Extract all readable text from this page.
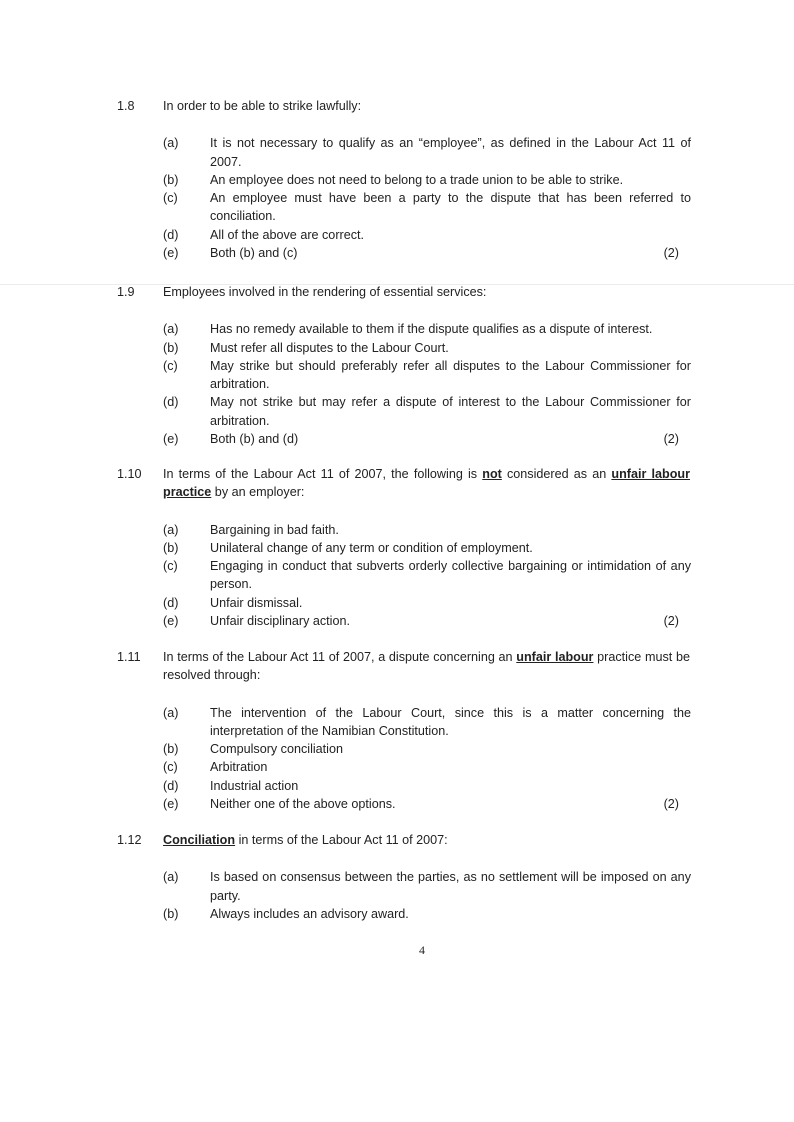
1.8 In order to be able to strike lawfully:
(a)	It is not necessary to qualify as an “employee”, as defined in the Labour Act 11 of 2007.
(b)	An employee does not need to belong to a trade union to be able to strike.
(c)	An employee must have been a party to the dispute that has been referred to conciliation.
(d)	All of the above are correct.
(e)	Both (b) and (c)	(2)
1.9 Employees involved in the rendering of essential services:
(a)	Has no remedy available to them if the dispute qualifies as a dispute of interest.
(b)	Must refer all disputes to the Labour Court.
(c)	May strike but should preferably refer all disputes to the Labour Commissioner for arbitration.
(d)	May not strike but may refer a dispute of interest to the Labour Commissioner for arbitration.
(e)	Both (b) and (d)	(2)
1.10 In terms of the Labour Act 11 of 2007, the following is not considered as an unfair labour practice by an employer:
(a)	Bargaining in bad faith.
(b)	Unilateral change of any term or condition of employment.
(c)	Engaging in conduct that subverts orderly collective bargaining or intimidation of any person.
(d)	Unfair dismissal.
(e)	Unfair disciplinary action.	(2)
1.11 In terms of the Labour Act 11 of 2007, a dispute concerning an unfair labour practice must be resolved through:
(a)	The intervention of the Labour Court, since this is a matter concerning the interpretation of the Namibian Constitution.
(b)	Compulsory conciliation
(c)	Arbitration
(d)	Industrial action
(e)	Neither one of the above options.	(2)
1.12 Conciliation in terms of the Labour Act 11 of 2007:
(a)	Is based on consensus between the parties, as no settlement will be imposed on any party.
(b)	Always includes an advisory award.
4
